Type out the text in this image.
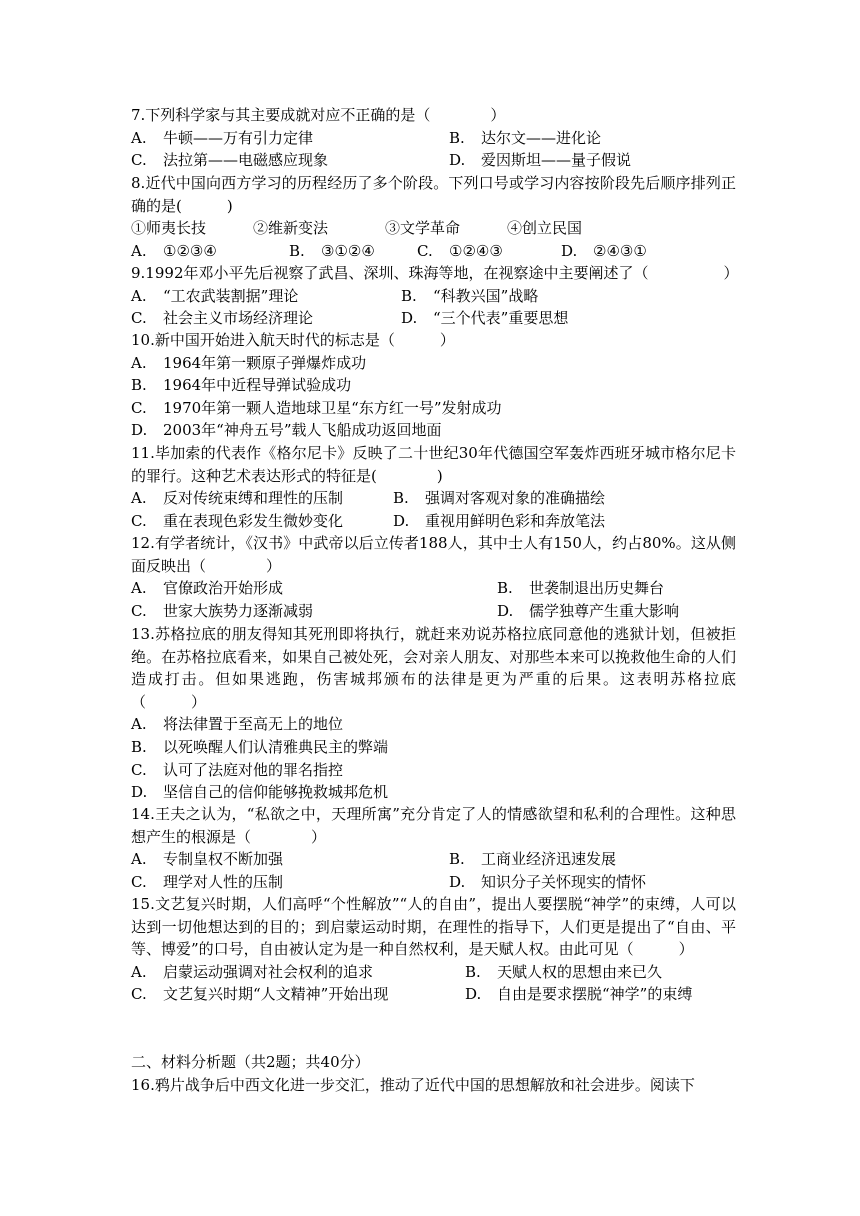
7.下列科学家与其主要成就对应不正确的是（　　　　）
A. 牛顿——万有引力定律	B. 达尔文——进化论
C. 法拉第——电磁感应现象	D. 爱因斯坦——量子假说
8.近代中国向西方学习的历程经历了多个阶段。下列口号或学习内容按阶段先后顺序排列正确的是(　　　)
①师夷长技	②维新变法	③文学革命	④创立民国
A. ①②③④	B. ③①②④	C. ①②④③	D. ②④③①
9.1992年邓小平先后视察了武昌、深圳、珠海等地，在视察途中主要阐述了（　　　　　）
A. “工农武装割据”理论	B. “科教兴国”战略
C. 社会主义市场经济理论	D. “三个代表”重要思想
10.新中国开始进入航天时代的标志是（　　　）
A. 1964年第一颗原子弹爆炸成功
B. 1964年中近程导弹试验成功
C. 1970年第一颗人造地球卫星“东方红一号”发射成功
D. 2003年“神舟五号”载人飞船成功返回地面
11.毕加索的代表作《格尔尼卡》反映了二十世纪30年代德国空军轰炸西班牙城市格尔尼卡的罪行。这种艺术表达形式的特征是(　　　　)
A. 反对传统束缚和理性的压制	B. 强调对客观对象的准确描绘
C. 重在表现色彩发生微妙变化	D. 重视用鲜明色彩和奔放笔法
12.有学者统计，《汉书》中武帝以后立传者188人，其中士人有150人，约占80%。这从侧面反映出（　　　　）
A. 官僚政治开始形成	B. 世袭制退出历史舞台
C. 世家大族势力逐渐减弱	D. 儒学独尊产生重大影响
13.苏格拉底的朋友得知其死刑即将执行，就赶来劝说苏格拉底同意他的逃狱计划，但被拒绝。在苏格拉底看来，如果自己被处死，会对亲人朋友、对那些本来可以挽救他生命的人们造成打击。但如果逃跑，伤害城邦颁布的法律是更为严重的后果。这表明苏格拉底（　　　）
A. 将法律置于至高无上的地位
B. 以死唤醒人们认清雅典民主的弊端
C. 认可了法庭对他的罪名指控
D. 坚信自己的信仰能够挽救城邦危机
14.王夫之认为，“私欲之中，天理所寓”充分肯定了人的情感欲望和私利的合理性。这种思想产生的根源是（　　　　）
A. 专制皇权不断加强	B. 工商业经济迅速发展
C. 理学对人性的压制	D. 知识分子关怀现实的情怀
15.文艺复兴时期，人们高呼“个性解放”“人的自由”，提出人要摆脱“神学”的束缚，人可以达到一切他想达到的目的；到启蒙运动时期，在理性的指导下，人们更是提出了“自由、平等、博爱”的口号，自由被认定为是一种自然权利，是天赋人权。由此可见（　　　）
A. 启蒙运动强调对社会权利的追求	B. 天赋人权的思想由来已久
C. 文艺复兴时期“人文精神”开始出现	D. 自由是要求摆脱“神学”的束缚
二、材料分析题（共2题；共40分）
16.鸦片战争后中西文化进一步交汇，推动了近代中国的思想解放和社会进步。阅读下
